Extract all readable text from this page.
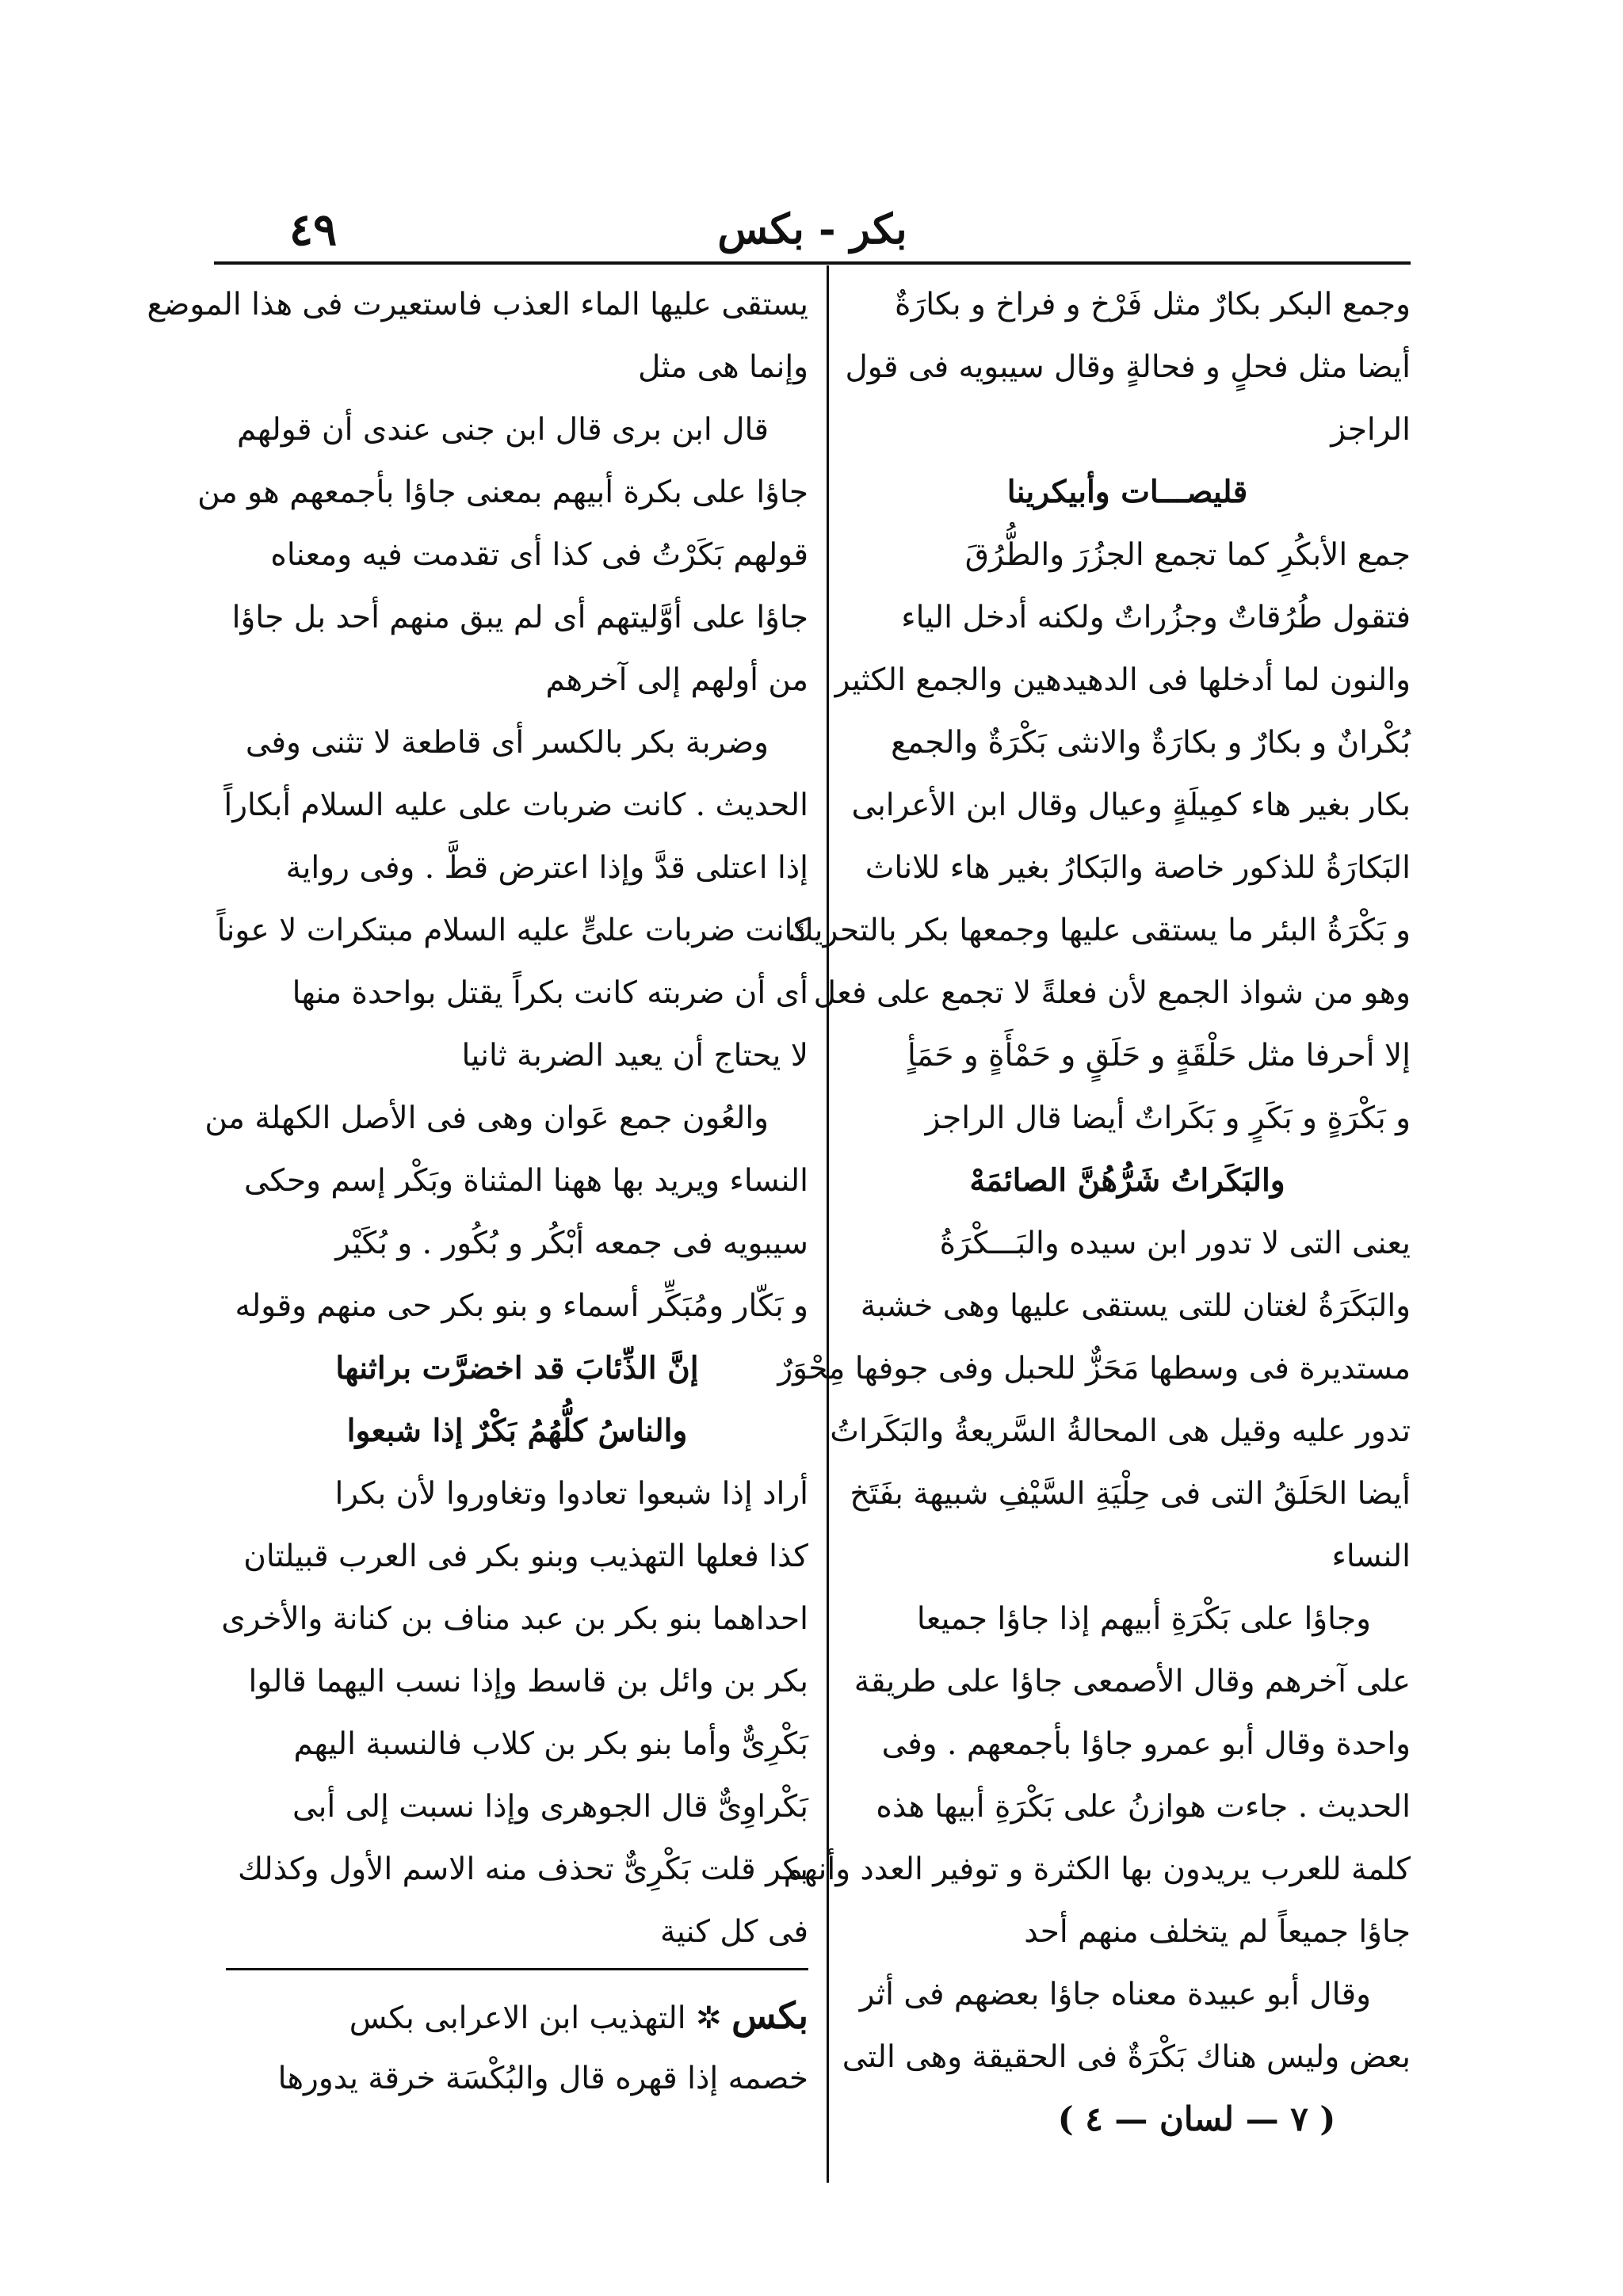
بكر - بكس
٤٩
وجمع البكر بكارٌ مثل فَرْخ و فراخ و بكارَةٌ
أيضا مثل فحلٍ و فحالةٍ وقال سيبويه فى قول
الراجز
قليصـــات وأبيكرينا
جمع الأبكُرِ كما تجمع الجزُرَ والطُّرُقَ
فتقول طُرُقاتٌ وجزُراتٌ ولكنه أدخل الياء
والنون لما أدخلها فى الدهيدهين والجمع الكثير
بُكْرانٌ و بكارٌ و بكارَةٌ والانثى بَكْرَةٌ والجمع
بكار بغير هاء كمِيلَةٍ وعيال وقال ابن الأعرابى
البَكارَةُ للذكور خاصة والبَكارُ بغير هاء للاناث
و بَكْرَةُ البئر ما يستقى عليها وجمعها بكر بالتحريك
وهو من شواذ الجمع لأن فعلةً لا تجمع على فعل
إلا أحرفا مثل حَلْقَةٍ و حَلَقٍ و حَمْأَةٍ و حَمَأٍ
و بَكْرَةٍ و بَكَرٍ و بَكَراتٌ أيضا قال الراجز
والبَكَراتُ شَرُّهُنَّ الصائمَهْ
يعنى التى لا تدور ابن سيده والبَـــكْرَةُ
والبَكَرَةُ لغتان للتى يستقى عليها وهى خشبة
مستديرة فى وسطها مَحَزٌّ للحبل وفى جوفها مِحْوَرٌ
تدور عليه وقيل هى المحالةُ السَّريعةُ والبَكَراتُ
أيضا الحَلَقُ التى فى حِلْيَةِ السَّيْفِ شبيهة بفَتَخ
النساء
وجاؤا على بَكْرَةِ أبيهم إذا جاؤا جميعا
على آخرهم وقال الأصمعى جاؤا على طريقة
واحدة وقال أبو عمرو جاؤا بأجمعهم . وفى
الحديث . جاءت هوازنُ على بَكْرَةِ أبيها هذه
كلمة للعرب يريدون بها الكثرة و توفير العدد وأنهم
جاؤا جميعاً لم يتخلف منهم أحد
وقال أبو عبيدة معناه جاؤا بعضهم فى أثر
بعض وليس هناك بَكْرَةٌ فى الحقيقة وهى التى
يستقى عليها الماء العذب فاستعيرت فى هذا الموضع
وإنما هى مثل
قال ابن برى قال ابن جنى عندى أن قولهم
جاؤا على بكرة أبيهم بمعنى جاؤا بأجمعهم هو من
قولهم بَكَرْتُ فى كذا أى تقدمت فيه ومعناه
جاؤا على أوَّليتهم أى لم يبق منهم أحد بل جاؤا
من أولهم إلى آخرهم
وضربة بكر بالكسر أى قاطعة لا تثنى وفى
الحديث . كانت ضربات على عليه السلام أبكاراً
إذا اعتلى قدَّ وإذا اعترض قطَّ . وفى رواية
كانت ضربات علىٍّ عليه السلام مبتكرات لا عوناً
أى أن ضربته كانت بكراً يقتل بواحدة منها
لا يحتاج أن يعيد الضربة ثانيا
والعُون جمع عَوان وهى فى الأصل الكهلة من
النساء ويريد بها ههنا المثناة وبَكْر إسم وحكى
سيبويه فى جمعه أبْكُر و بُكُور . و بُكَيْر
و بَكّار ومُبَكِّر أسماء و بنو بكر حى منهم وقوله
إنَّ الذِّئابَ قد اخضرَّت براثنها
والناسُ كلُّهُمُ بَكْرٌ إذا شبعوا
أراد إذا شبعوا تعادوا وتغاوروا لأن بكرا
كذا فعلها التهذيب وبنو بكر فى العرب قبيلتان
احداهما بنو بكر بن عبد مناف بن كنانة والأخرى
بكر بن وائل بن قاسط وإذا نسب اليهما قالوا
بَكْرِىٌّ وأما بنو بكر بن كلاب فالنسبة اليهم
بَكْراوِىٌّ قال الجوهرى وإذا نسبت إلى أبى
بكر قلت بَكْرِىٌّ تحذف منه الاسم الأول وكذلك
فى كل كنية
بكس ✲ التهذيب ابن الاعرابى بكس
خصمه إذا قهره قال والبُكْسَة خرقة يدورها
( ٧ — لسان — ٤ )
